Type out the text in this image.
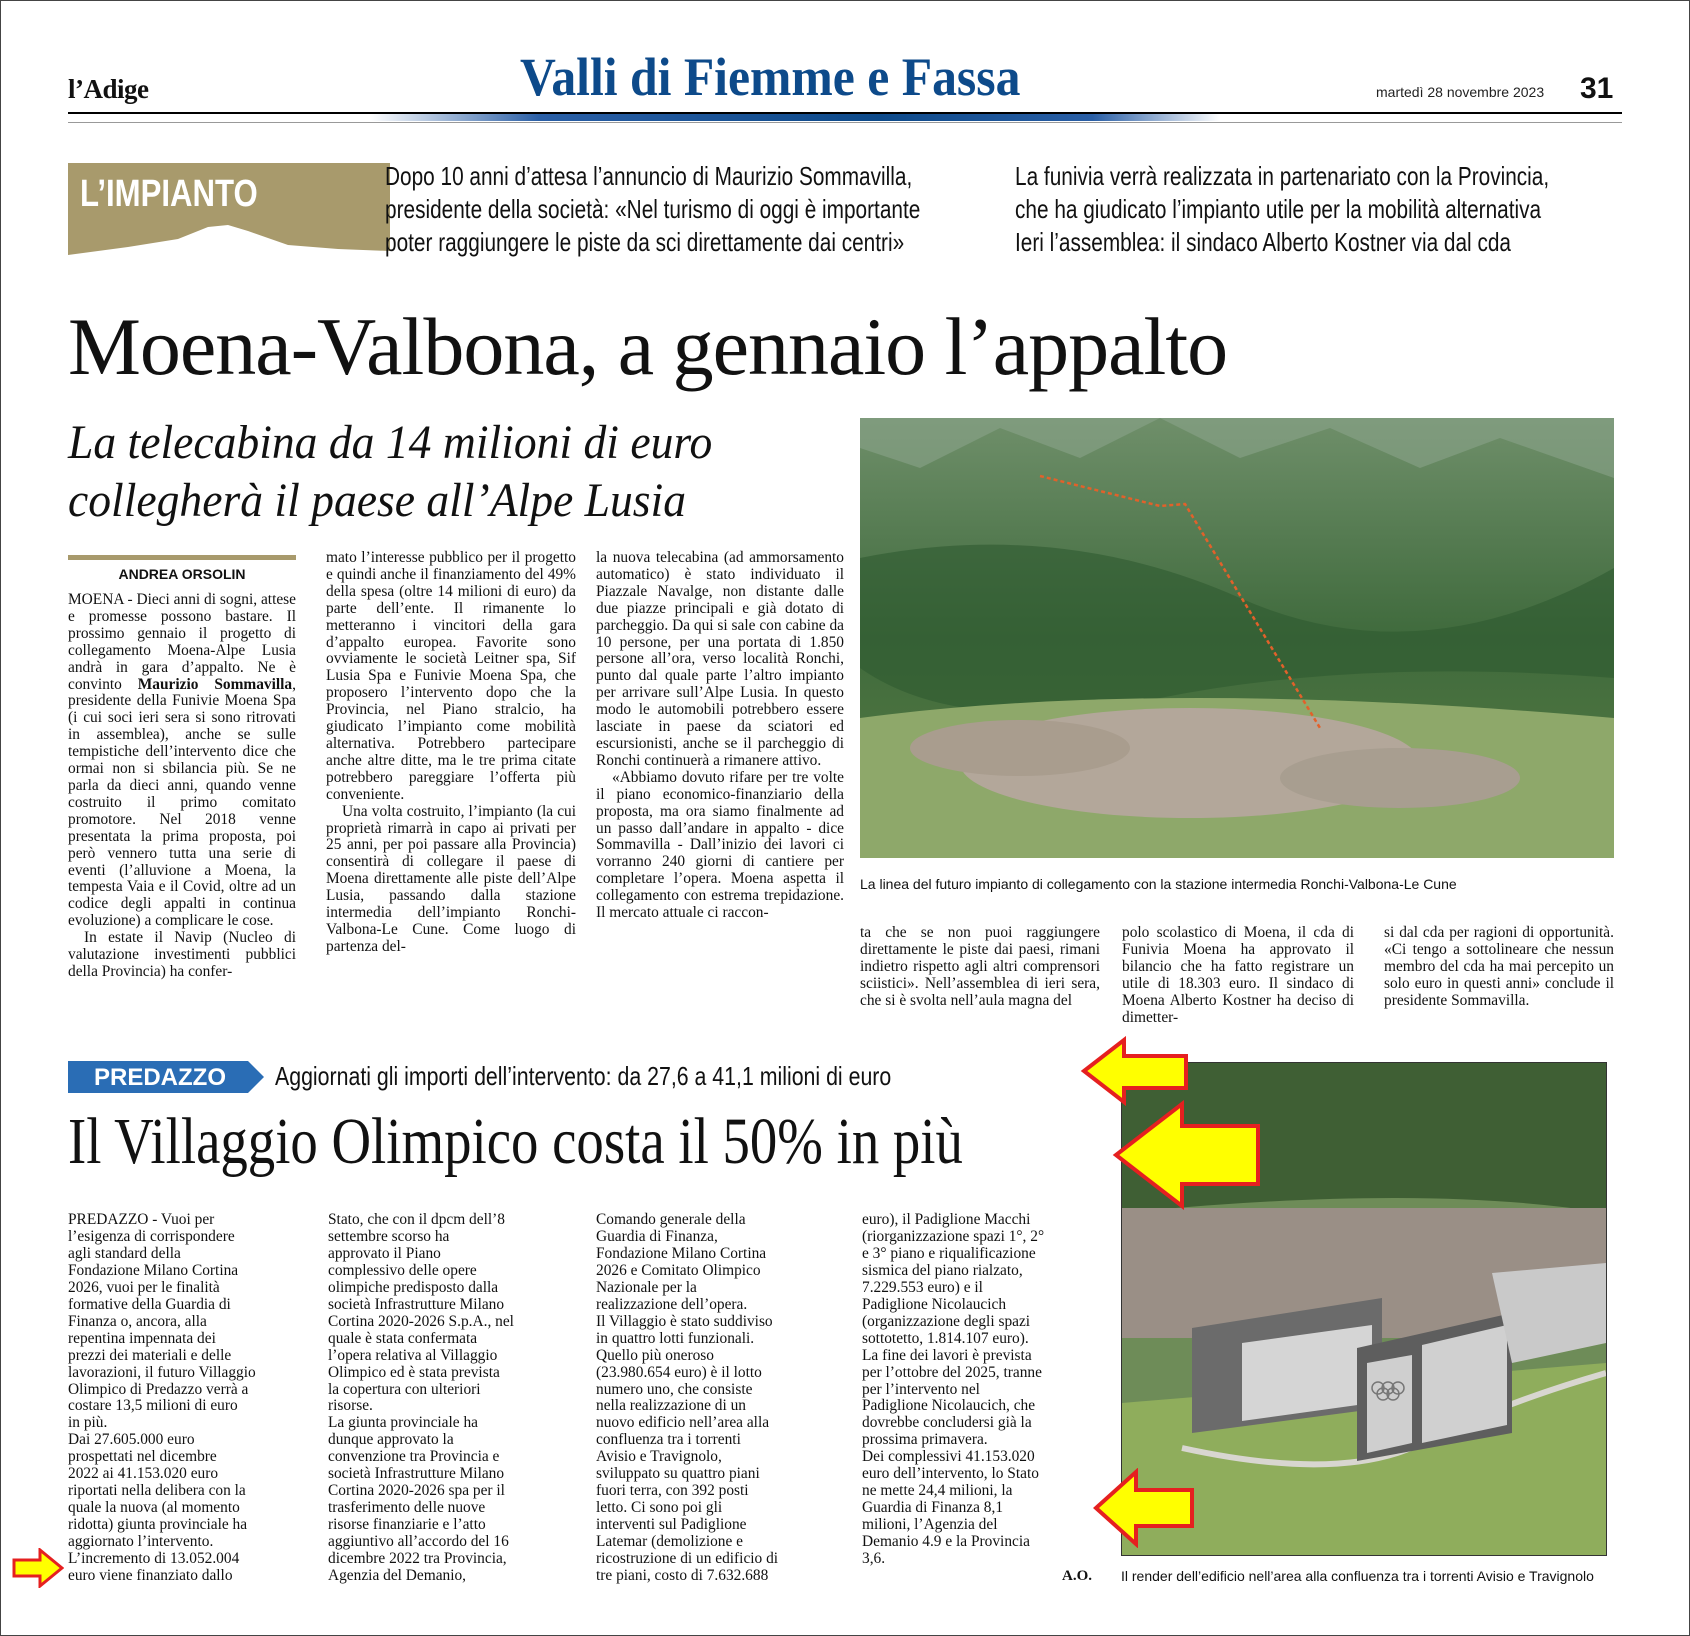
l’Adige	Valli di Fiemme e Fassa	martedì 28 novembre 2023 31
L’IMPIANTO	Dopo 10 anni d’attesa l’annuncio di Maurizio Sommavilla,
presidente della società: «Nel turismo di oggi è importante
poter raggiungere le piste da sci direttamente dai centri»
La funivia verrà realizzata in partenariato con la Provincia,
che ha giudicato l’impianto utile per la mobilità alternativa
Ieri l’assemblea: il sindaco Alberto Kostner via dal cda
Moena-Valbona, a gennaio l’appalto
La telecabina da 14 milioni di euro
collegherà il paese all’Alpe Lusia
ANDREA ORSOLIN

MOENA - Dieci anni di sogni, attese e promesse possono bastare. Il prossimo gennaio il progetto di collegamento Moena-Alpe Lusia andrà in gara d’appalto. Ne è convinto Maurizio Sommavilla, presidente della Funivie Moena Spa (i cui soci ieri sera si sono ritrovati in assemblea), anche se sulle tempistiche dell’intervento dice che ormai non si sbilancia più. Se ne parla da dieci anni, quando venne costruito il primo comitato promotore. Nel 2018 venne presentata la prima proposta, poi però vennero tutta una serie di eventi (l’alluvione a Moena, la tempesta Vaia e il Covid, oltre ad un codice degli appalti in continua evoluzione) a complicare le cose.

In estate il Navip (Nucleo di valutazione investimenti pubblici della Provincia) ha confer-

mato l’interesse pubblico per il progetto e quindi anche il finanziamento del 49% della spesa (oltre 14 milioni di euro) da parte dell’ente. Il rimanente lo metteranno i vincitori della gara d’appalto europea. Favorite sono ovviamente le società Leitner spa, Sif Lusia Spa e Funivie Moena Spa, che proposero l’intervento dopo che la Provincia, nel Piano stralcio, ha giudicato l’impianto come mobilità alternativa. Potrebbero partecipare anche altre ditte, ma le tre prima citate potrebbero pareggiare l’offerta più conveniente.

Una volta costruito, l’impianto (la cui proprietà rimarrà in capo ai privati per 25 anni, per poi passare alla Provincia) consentirà di collegare il paese di Moena direttamente alle piste dell’Alpe Lusia, passando dalla stazione intermedia dell’impianto Ronchi-Valbona-Le Cune. Come luogo di partenza del-

la nuova telecabina (ad ammorsamento automatico) è stato individuato il Piazzale Navalge, non distante dalle due piazze principali e già dotato di parcheggio. Da qui si sale con cabine da 10 persone, per una portata di 1.850 persone all’ora, verso località Ronchi, punto dal quale parte l’altro impianto per arrivare sull’Alpe Lusia. In questo modo le automobili potrebbero essere lasciate in paese da sciatori ed escursionisti, anche se il parcheggio di Ronchi continuerà a rimanere attivo.

«Abbiamo dovuto rifare per tre volte il piano economico-finanziario della proposta, ma ora siamo finalmente ad un passo dall’andare in appalto - dice Sommavilla - Dall’inizio dei lavori ci vorranno 240 giorni di cantiere per completare l’opera. Moena aspetta il collegamento con estrema trepidazione. Il mercato attuale ci raccon-

La linea del futuro impianto di collegamento con la stazione intermedia Ronchi-Valbona-Le Cune

ta che se non puoi raggiungere direttamente le piste dai paesi, rimani indietro rispetto agli altri comprensori sciistici». Nell’assemblea di ieri sera, che si è svolta nell’aula magna del

polo scolastico di Moena, il cda di Funivia Moena ha approvato il bilancio che ha fatto registrare un utile di 18.303 euro. Il sindaco di Moena Alberto Kostner ha deciso di dimetter-

si dal cda per ragioni di opportunità. «Ci tengo a sottolineare che nessun membro del cda ha mai percepito un solo euro in questi anni» conclude il presidente Sommavilla.

PREDAZZO Aggiornati gli importi dell’intervento: da 27,6 a 41,1 milioni di euro
Il Villaggio Olimpico costa il 50% in più

PREDAZZO - Vuoi per

l’esigenza di corrispondere

agli standard della

Fondazione Milano Cortina

2026, vuoi per le finalità

formative della Guardia di

Finanza o, ancora, alla

repentina impennata dei

prezzi dei materiali e delle

lavorazioni, il futuro Villaggio

Olimpico di Predazzo verrà a

costare 13,5 milioni di euro

in più.

Dai 27.605.000 euro

prospettati nel dicembre

2022 ai 41.153.020 euro

riportati nella delibera con la

quale la nuova (al momento

ridotta) giunta provinciale ha

aggiornato l’intervento.

L’incremento di 13.052.004

euro viene finanziato dallo

Stato, che con il dpcm dell’8

settembre scorso ha

approvato il Piano

complessivo delle opere

olimpiche predisposto dalla

società Infrastrutture Milano

Cortina 2020-2026 S.p.A., nel

quale è stata confermata

l’opera relativa al Villaggio

Olimpico ed è stata prevista

la copertura con ulteriori

risorse.

La giunta provinciale ha

dunque approvato la

convenzione tra Provincia e

società Infrastrutture Milano

Cortina 2020-2026 spa per il

trasferimento delle nuove

risorse finanziarie e l’atto

aggiuntivo all’accordo del 16

dicembre 2022 tra Provincia,

Agenzia del Demanio,

Comando generale della

Guardia di Finanza,

Fondazione Milano Cortina

2026 e Comitato Olimpico

Nazionale per la

realizzazione dell’opera.

Il Villaggio è stato suddiviso

in quattro lotti funzionali.

Quello più oneroso

(23.980.654 euro) è il lotto

numero uno, che consiste

nella realizzazione di un

nuovo edificio nell’area alla

confluenza tra i torrenti

Avisio e Travignolo,

sviluppato su quattro piani

fuori terra, con 392 posti

letto. Ci sono poi gli

interventi sul Padiglione

Latemar (demolizione e

ricostruzione di un edificio di

tre piani, costo di 7.632.688

euro), il Padiglione Macchi

(riorganizzazione spazi 1°, 2°

e 3° piano e riqualificazione

sismica del piano rialzato,

7.229.553 euro) e il

Padiglione Nicolaucich

(organizzazione degli spazi

sottotetto, 1.814.107 euro).

La fine dei lavori è prevista

per l’ottobre del 2025, tranne

per l’intervento nel

Padiglione Nicolaucich, che

dovrebbe concludersi già la

prossima primavera.

Dei complessivi 41.153.020

euro dell’intervento, lo Stato

ne mette 24,4 milioni, la

Guardia di Finanza 8,1

milioni, l’Agenzia del

Demanio 4.9 e la Provincia

3,6.

A.O. Il render dell’edificio nell’area alla confluenza tra i torrenti Avisio e Travignolo
